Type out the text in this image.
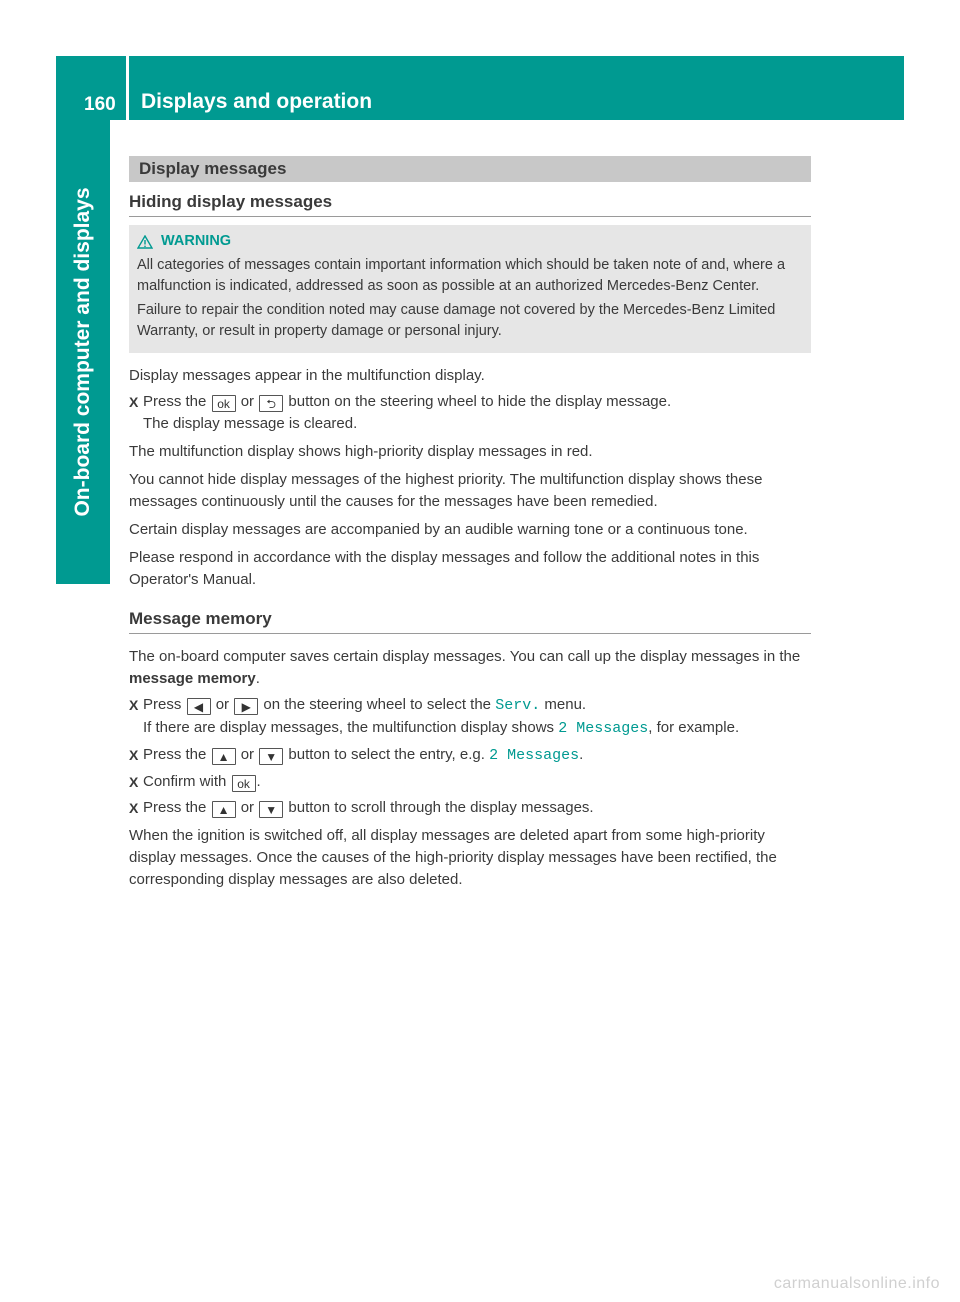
160 Displays and operation
On-board computer and displays
Display messages
Hiding display messages
WARNING

All categories of messages contain important information which should be taken note of and, where a malfunction is indicated, addressed as soon as possible at an authorized Mercedes-Benz Center.

Failure to repair the condition noted may cause damage not covered by the Mercedes-Benz Limited Warranty, or result in property damage or personal injury.

Display messages appear in the multifunction display.

X Press the ok or ⮌ button on the steering wheel to hide the display message.
The display message is cleared.

The multifunction display shows high-priority display messages in red.

You cannot hide display messages of the highest priority. The multifunction display shows these messages continuously until the causes for the messages have been remedied.

Certain display messages are accompanied by an audible warning tone or a continuous tone.

Please respond in accordance with the display messages and follow the additional notes in this Operator's Manual.

Message memory

The on-board computer saves certain display messages. You can call up the display messages in the message memory.

X Press ◀ or ▶ on the steering wheel to select the Serv. menu.
If there are display messages, the multifunction display shows 2 Messages, for example.
X Press the ▲ or ▼ button to select the entry, e.g. 2 Messages.
X Confirm with ok .
X Press the ▲ or ▼ button to scroll through the display messages.

When the ignition is switched off, all display messages are deleted apart from some high-priority display messages. Once the causes of the high-priority display messages have been rectified, the corresponding display messages are also deleted.

carmanualsonline.info
